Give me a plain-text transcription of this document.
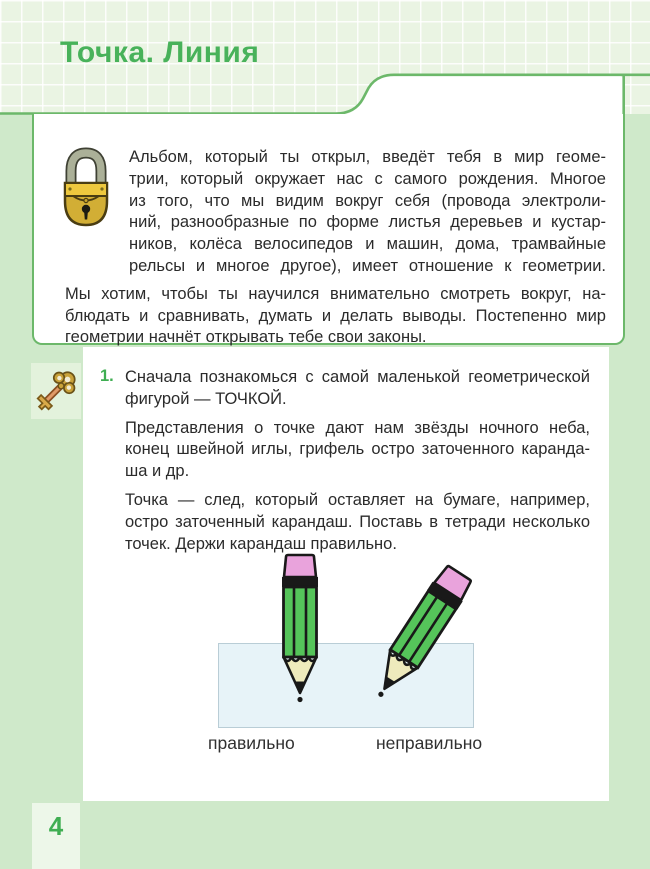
Точка. Линия
Альбом, который ты открыл, введёт тебя в мир геоме-
трии, который окружает нас с самого рождения. Многое
из того, что мы видим вокруг себя (провода электроли-
ний, разнообразные по форме листья деревьев и кустар-
ников, колёса велосипедов и машин, дома, трамвайные
рельсы и многое другое), имеет отношение к геометрии.
Мы хотим, чтобы ты научился внимательно смотреть вокруг, на-
блюдать и сравнивать, думать и делать выводы. Постепенно мир
геометрии начнёт открывать тебе свои законы.
1. Сначала познакомься с самой маленькой геометрической
фигурой — ТОЧКОЙ.
Представления о точке дают нам звёзды ночного неба,
конец швейной иглы, грифель остро заточенного каранда-
ша и др.
Точка — след, который оставляет на бумаге, например,
остро заточенный карандаш. Поставь в тетради несколько
точек. Держи карандаш правильно.
правильно	неправильно
4
